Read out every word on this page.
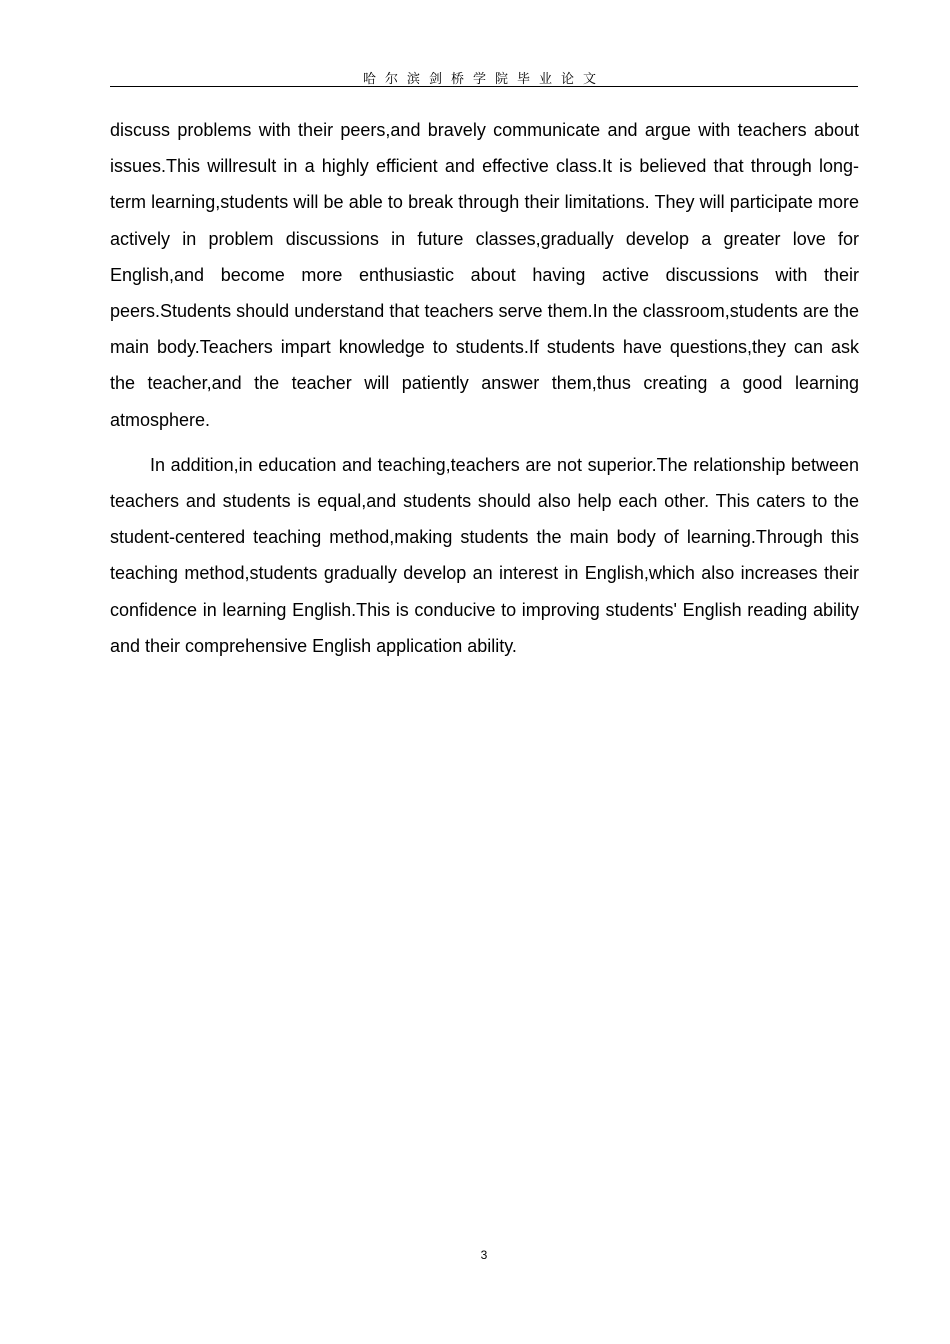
哈尔滨剑桥学院毕业论文

discuss problems with their peers,and bravely communicate and argue with teachers about issues.This willresult in a highly efficient and effective class.It is believed that through long-term learning,students will be able to break through their limitations. They will participate more actively in problem discussions in future classes,gradually develop a greater love for English,and become more enthusiastic about having active discussions with their peers.Students should understand that teachers serve them.In the classroom,students are the main body.Teachers impart knowledge to students.If students have questions,they can ask the teacher,and the teacher will patiently answer them,thus creating a good learning atmosphere.

In addition,in education and teaching,teachers are not superior.The relationship between teachers and students is equal,and students should also help each other. This caters to the student-centered teaching method,making students the main body of learning.Through this teaching method,students gradually develop an interest in English,which also increases their confidence in learning English.This is conducive to improving students' English reading ability and their comprehensive English application ability.

3
